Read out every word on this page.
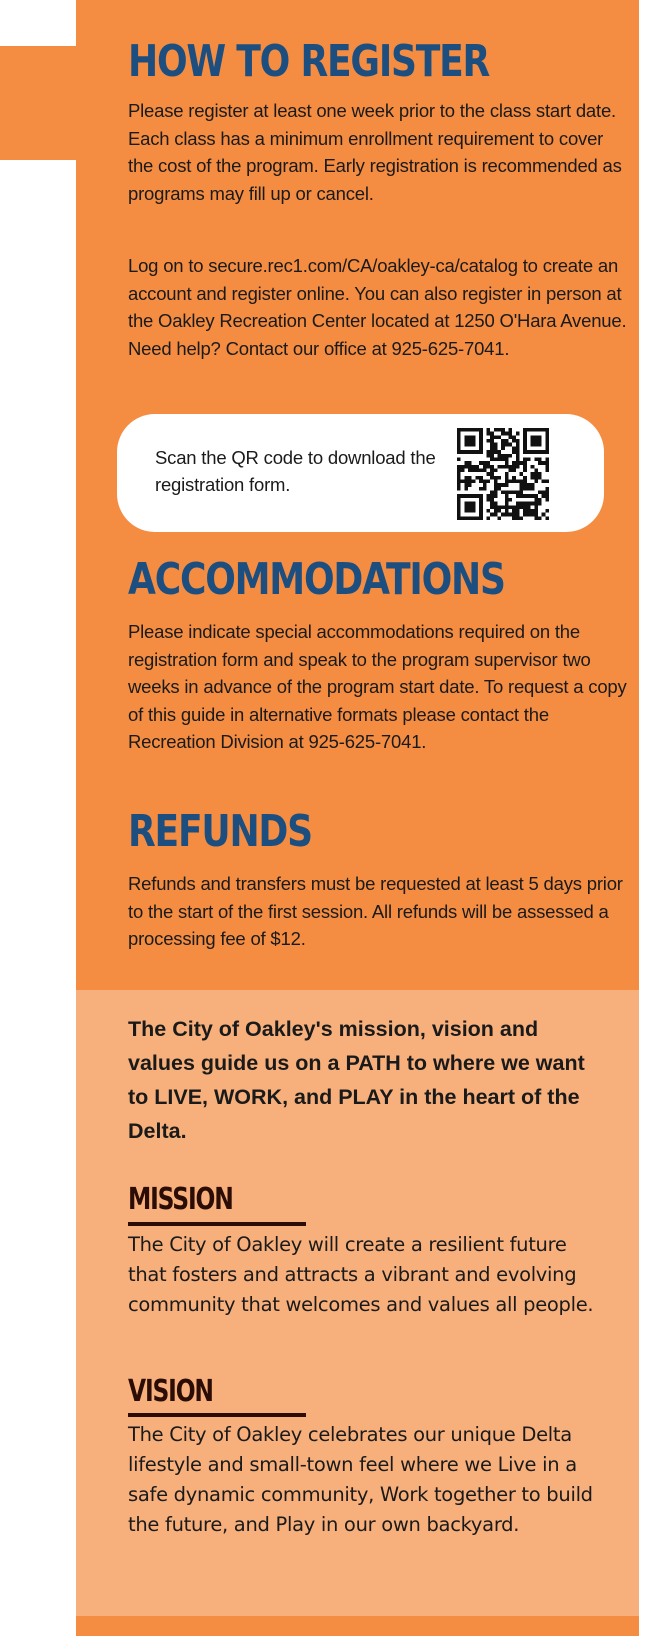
HOW TO REGISTER

Please register at least one week prior to the class start date. Each class has a minimum enrollment requirement to cover the cost of the program. Early registration is recommended as programs may fill up or cancel.

Log on to secure.rec1.com/CA/oakley-ca/catalog to create an account and register online. You can also register in person at the Oakley Recreation Center located at 1250 O'Hara Avenue. Need help? Contact our office at 925-625-7041.

Scan the QR code to download the registration form.

ACCOMMODATIONS

Please indicate special accommodations required on the registration form and speak to the program supervisor two weeks in advance of the program start date. To request a copy of this guide in alternative formats please contact the Recreation Division at 925-625-7041.

REFUNDS

Refunds and transfers must be requested at least 5 days prior to the start of the first session. All refunds will be assessed a processing fee of $12.

The City of Oakley's mission, vision and values guide us on a PATH to where we want to LIVE, WORK, and PLAY in the heart of the Delta.

MISSION

The City of Oakley will create a resilient future that fosters and attracts a vibrant and evolving community that welcomes and values all people.

VISION

The City of Oakley celebrates our unique Delta lifestyle and small-town feel where we Live in a safe dynamic community, Work together to build the future, and Play in our own backyard.
